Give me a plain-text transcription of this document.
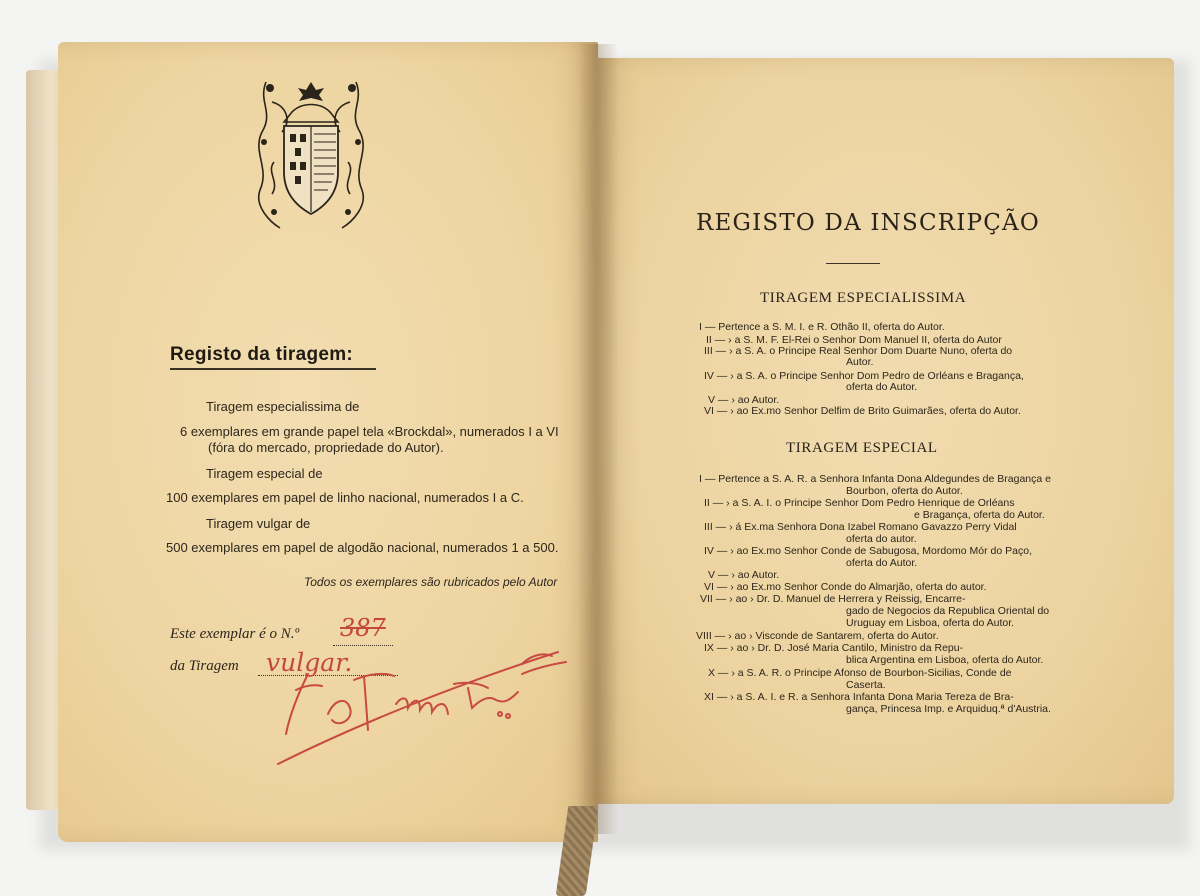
Registo da tiragem:

Tiragem especialissima de

6 exemplares em grande papel tela «Brockdal», numerados I a VI

(fóra do mercado, propriedade do Autor).

Tiragem especial de

100 exemplares em papel de linho nacional, numerados I a C.

Tiragem vulgar de

500 exemplares em papel de algodão nacional, numerados 1 a 500.

Todos os exemplares são rubricados pelo Autor

Este exemplar é o N.º 387

da Tiragem vulgar.

REGISTO DA INSCRIPÇÃO

TIRAGEM ESPECIALISSIMA

I — Pertence a S. M. I. e R. Othão II, oferta do Autor.

II — › a S. M. F. El-Rei o Senhor Dom Manuel II, oferta do Autor

III — › a S. A. o Principe Real Senhor Dom Duarte Nuno, oferta do

Autor.

IV — › a S. A. o Principe Senhor Dom Pedro de Orléans e Bragança,

oferta do Autor.

V — › ao Autor.

VI — › ao Ex.mo Senhor Delfim de Brito Guimarães, oferta do Autor.

TIRAGEM ESPECIAL

I — Pertence a S. A. R. a Senhora Infanta Dona Aldegundes de Bragança e

Bourbon, oferta do Autor.

II — › a S. A. I. o Principe Senhor Dom Pedro Henrique de Orléans

e Bragança, oferta do Autor.

III — › á Ex.ma Senhora Dona Izabel Romano Gavazzo Perry Vidal

oferta do autor.

IV — › ao Ex.mo Senhor Conde de Sabugosa, Mordomo Mór do Paço,

oferta do Autor.

V — › ao Autor.

VI — › ao Ex.mo Senhor Conde do Almarjão, oferta do autor.

VII — › ao › Dr. D. Manuel de Herrera y Reissig, Encarre-

gado de Negocios da Republica Oriental do

Uruguay em Lisboa, oferta do Autor.

VIII — › ao › Visconde de Santarem, oferta do Autor.

IX — › ao › Dr. D. José Maria Cantilo, Ministro da Repu-

blica Argentina em Lisboa, oferta do Autor.

X — › a S. A. R. o Principe Afonso de Bourbon-Sicilias, Conde de

Caserta.

XI — › a S. A. I. e R. a Senhora Infanta Dona Maria Tereza de Bra-

gança, Princesa Imp. e Arquiduq.ª d'Austria.
